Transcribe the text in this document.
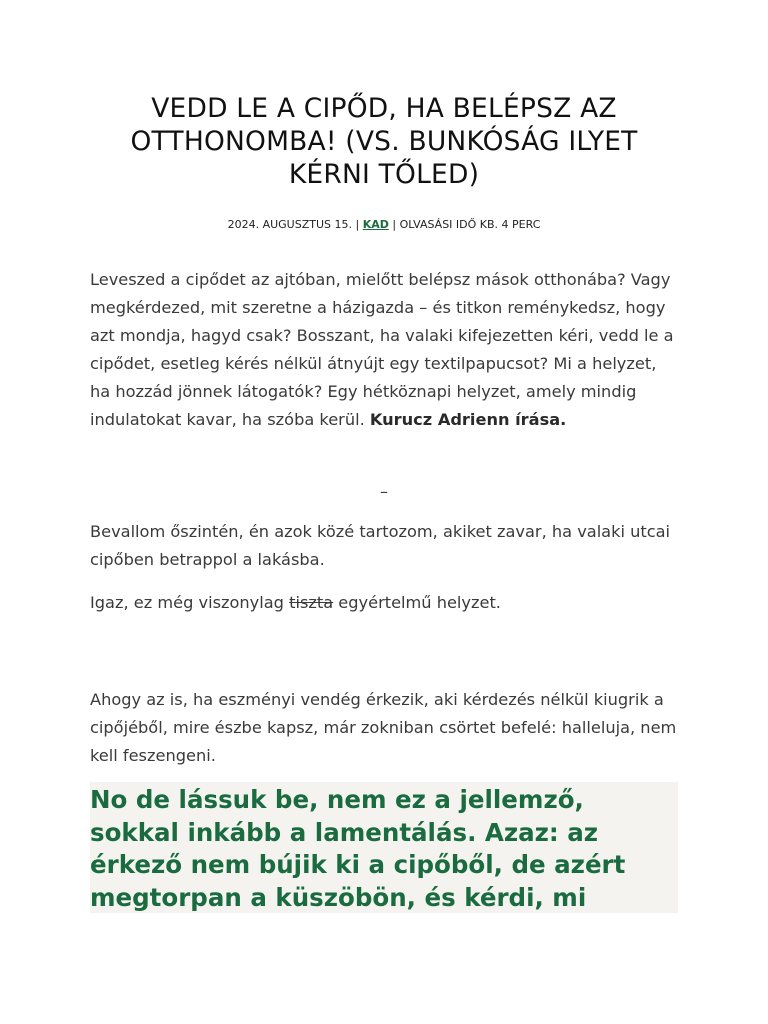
VEDD LE A CIPŐD, HA BELÉPSZ AZ OTTHONOMBA! (VS. BUNKÓSÁG ILYET KÉRNI TŐLED)
2024. AUGUSZTUS 15. | KAD | OLVASÁSI IDŐ KB. 4 PERC

Leveszed a cipődet az ajtóban, mielőtt belépsz mások otthonába? Vagy megkérdezed, mit szeretne a házigazda – és titkon reménykedsz, hogy azt mondja, hagyd csak? Bosszant, ha valaki kifejezetten kéri, vedd le a cipődet, esetleg kérés nélkül átnyújt egy textilpapucsot? Mi a helyzet, ha hozzád jönnek látogatók? Egy hétköznapi helyzet, amely mindig indulatokat kavar, ha szóba kerül. Kurucz Adrienn írása.

–

Bevallom őszintén, én azok közé tartozom, akiket zavar, ha valaki utcai cipőben betrappol a lakásba.

Igaz, ez még viszonylag tiszta egyértelmű helyzet.

Ahogy az is, ha eszményi vendég érkezik, aki kérdezés nélkül kiugrik a cipőjéből, mire észbe kapsz, már zokniban csörtet befelé: halleluja, nem kell feszengeni.

No de lássuk be, nem ez a jellemző, sokkal inkább a lamentálás. Azaz: az érkező nem bújik ki a cipőből, de azért megtorpan a küszöbön, és kérdi, mi
